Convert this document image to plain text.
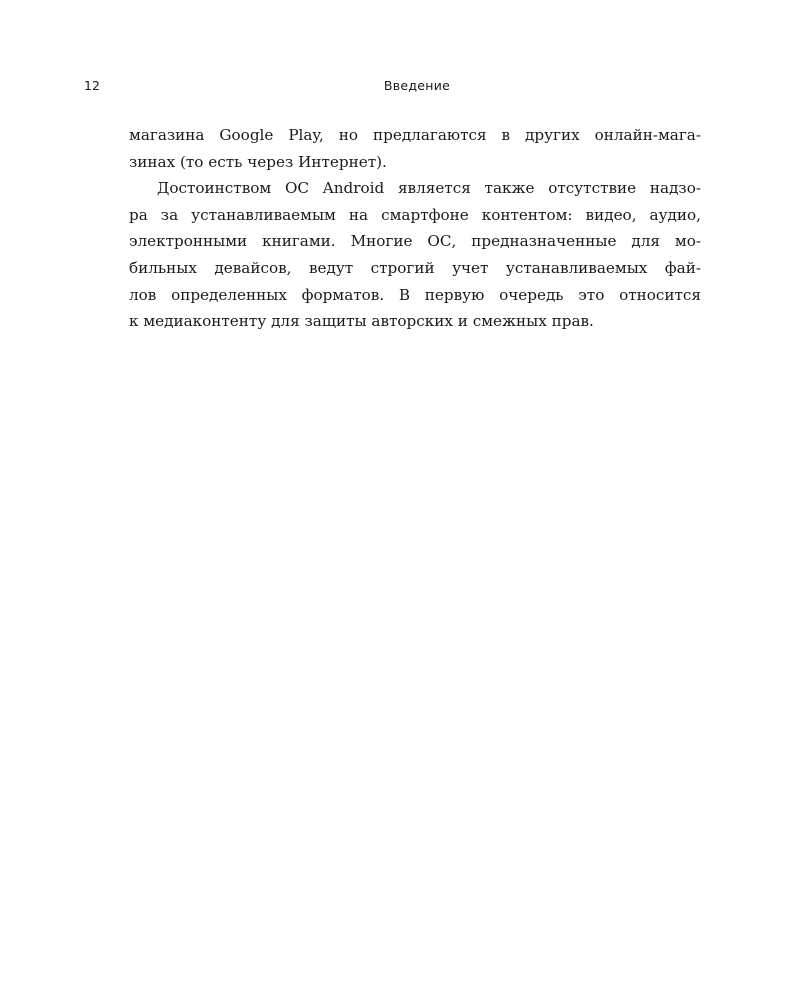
12	Введение
магазина Google Play, но предлагаются в других онлайн-мага-
зинах (то есть через Интернет).
Достоинством ОС Android является также отсутствие надзо-
ра за устанавливаемым на смартфоне контентом: видео, аудио,
электронными книгами. Многие ОС, предназначенные для мо-
бильных девайсов, ведут строгий учет устанавливаемых фай-
лов определенных форматов. В первую очередь это относится
к медиаконтенту для защиты авторских и смежных прав.
